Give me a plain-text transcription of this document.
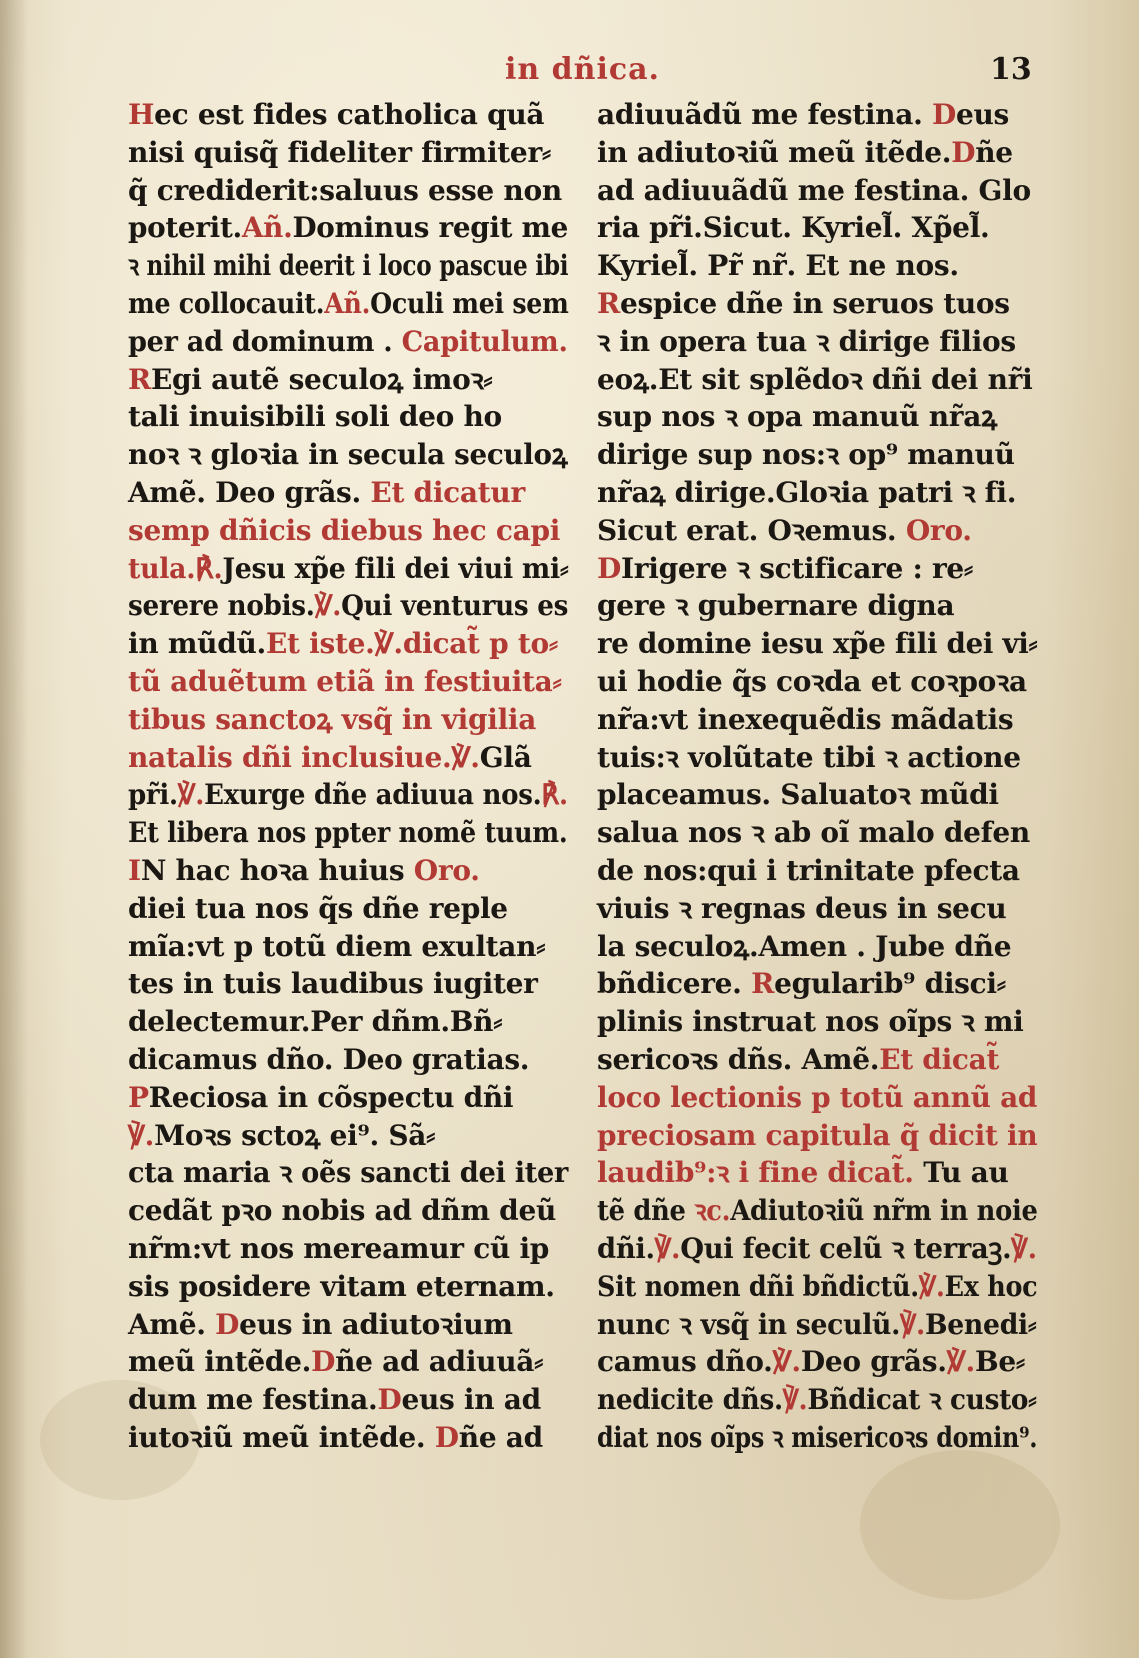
in dñica.	13
Hec est fides catholica quã
nisi quisq̃ fideliter firmiter⸗
q̃ crediderit:saluus esse non
poterit.Añ.Dominus regit me
ꝛ nihil mihi deerit i loco pascue ibi
me collocauit.Añ.Oculi mei sem
per ad dominum . Capitulum.
REgi autẽ seculoꝝ imoꝛ⸗
tali inuisibili soli deo ho
noꝛ ꝛ gloꝛia in secula seculoꝝ
Amẽ. Deo grãs. Et dicatur
semp dñicis diebus hec capi
tula.℟.Jesu xp̃e fili dei viui mi⸗
serere nobis.℣.Qui venturus es
in mũdũ.Et iste.℣.dicat̃ p to⸗
tũ aduẽtum etiã in festiuita⸗
tibus sanctoꝝ vsq̃ in vigilia
natalis dñi inclusiue.℣.Glã
pr̃i.℣.Exurge dñe adiuua nos.℟.
Et libera nos ppter nomẽ tuum.
IN hac hoꝛa huius Oro.
diei tua nos q̃s dñe reple
mĩa:vt p totũ diem exultan⸗
tes in tuis laudibus iugiter
delectemur.Per dñm.Bñ⸗
dicamus dño. Deo gratias.
PReciosa in cõspectu dñi
℣.Moꝛs sctoꝝ ei⁹. Sã⸗
cta maria ꝛ oẽs sancti dei iter
cedãt pꝛo nobis ad dñm deũ
nr̃m:vt nos mereamur cũ ip
sis posidere vitam eternam.
Amẽ. Deus in adiutoꝛium
meũ intẽde.Dñe ad adiuuã⸗
dum me festina.Deus in ad
iutoꝛiũ meũ intẽde. Dñe ad
adiuuãdũ me festina. Deus
in adiutoꝛiũ meũ itẽde.Dñe
ad adiuuãdũ me festina. Glo
ria pr̃i.Sicut. Kyriel̃. Xp̃el̃.
Kyriel̃. Pr̃ nr̃. Et ne nos.
Respice dñe in seruos tuos
ꝛ in opera tua ꝛ dirige filios
eoꝝ.Et sit splẽdoꝛ dñi dei nr̃i
sup nos ꝛ opa manuũ nr̃aꝝ
dirige sup nos:ꝛ op⁹ manuũ
nr̃aꝝ dirige.Gloꝛia patri ꝛ fi.
Sicut erat. Oꝛemus. Oro.
DIrigere ꝛ sctificare : re⸗
gere ꝛ gubernare digna
re domine iesu xp̃e fili dei vi⸗
ui hodie q̃s coꝛda et coꝛpoꝛa
nr̃a:vt inexequẽdis mãdatis
tuis:ꝛ volũtate tibi ꝛ actione
placeamus. Saluatoꝛ mũdi
salua nos ꝛ ab oĩ malo defen
de nos:qui i trinitate pfecta
viuis ꝛ regnas deus in secu
la seculoꝝ.Amen . Jube dñe
bñdicere. Regularib⁹ disci⸗
plinis instruat nos oĩps ꝛ mi
sericoꝛs dñs. Amẽ.Et dicat̃
loco lectionis p totũ annũ ad
preciosam capitula q̃ dicit in
laudib⁹:ꝛ i fine dicat̃. Tu au
tẽ dñe ꝛc.Adiutoꝛiũ nr̃m in noie
dñi.℣.Qui fecit celũ ꝛ terraꝫ.℣.
Sit nomen dñi bñdictũ.℣.Ex hoc
nunc ꝛ vsq̃ in seculũ.℣.Benedi⸗
camus dño.℣.Deo grãs.℣.Be⸗
nedicite dñs.℣.Bñdicat ꝛ custo⸗
diat nos oĩps ꝛ misericoꝛs domin⁹.
